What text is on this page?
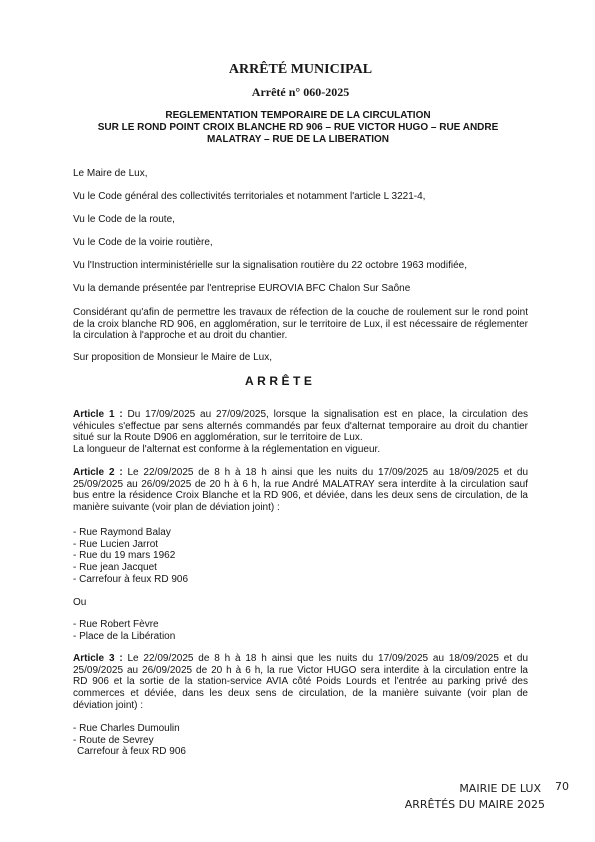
ARRÊTÉ MUNICIPAL
Arrêté n° 060-2025
REGLEMENTATION TEMPORAIRE DE LA CIRCULATION
SUR LE ROND POINT CROIX BLANCHE RD 906 – RUE VICTOR HUGO – RUE ANDRE
MALATRAY – RUE DE LA LIBERATION
Le Maire de Lux,
Vu le Code général des collectivités territoriales et notamment l'article L 3221-4,
Vu le Code de la route,
Vu le Code de la voirie routière,
Vu l'Instruction interministérielle sur la signalisation routière du 22 octobre 1963 modifiée,
Vu la demande présentée par l'entreprise EUROVIA BFC Chalon Sur Saône
Considérant qu'afin de permettre les travaux de réfection de la couche de roulement sur le rond point
de la croix blanche RD 906, en agglomération, sur le territoire de Lux, il est nécessaire de réglementer
la circulation à l'approche et au droit du chantier.
Sur proposition de Monsieur le Maire de Lux,
ARRÊTE
Article 1 : Du 17/09/2025 au 27/09/2025, lorsque la signalisation est en place, la circulation des
véhicules s'effectue par sens alternés commandés par feux d'alternat temporaire au droit du chantier
situé sur la Route D906 en agglomération, sur le territoire de Lux.
La longueur de l'alternat est conforme à la réglementation en vigueur.
Article 2 : Le 22/09/2025 de 8 h à 18 h ainsi que les nuits du 17/09/2025 au 18/09/2025 et du
25/09/2025 au 26/09/2025 de 20 h à 6 h, la rue André MALATRAY sera interdite à la circulation sauf
bus entre la résidence Croix Blanche et la RD 906, et déviée, dans les deux sens de circulation, de la
manière suivante (voir plan de déviation joint) :
- Rue Raymond Balay
- Rue Lucien Jarrot
- Rue du 19 mars 1962
- Rue jean Jacquet
- Carrefour à feux RD 906
Ou
- Rue Robert Fèvre
- Place de la Libération
Article 3 : Le 22/09/2025 de 8 h à 18 h ainsi que les nuits du 17/09/2025 au 18/09/2025 et du
25/09/2025 au 26/09/2025 de 20 h à 6 h, la rue Victor HUGO sera interdite à la circulation entre la
RD 906 et la sortie de la station-service AVIA côté Poids Lourds et l'entrée au parking privé des
commerces et déviée, dans les deux sens de circulation, de la manière suivante (voir plan de
déviation joint) :
- Rue Charles Dumoulin
- Route de Sevrey
Carrefour à feux RD 906
MAIRIE DE LUX 70
ARRÊTÉS DU MAIRE 2025
